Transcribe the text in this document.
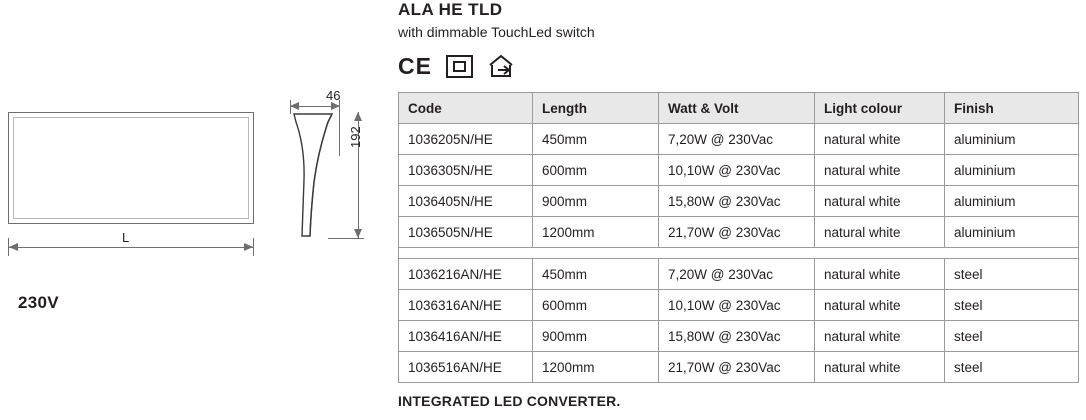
L
230V
46
192
ALA HE TLD
with dimmable TouchLed switch
CE
Code	Length	Watt & Volt	Light colour	Finish
1036205N/HE	450mm	7,20W @ 230Vac	natural white	aluminium
1036305N/HE	600mm	10,10W @ 230Vac	natural white	aluminium
1036405N/HE	900mm	15,80W @ 230Vac	natural white	aluminium
1036505N/HE	1200mm	21,70W @ 230Vac	natural white	aluminium

1036216AN/HE	450mm	7,20W @ 230Vac	natural white	steel
1036316AN/HE	600mm	10,10W @ 230Vac	natural white	steel
1036416AN/HE	900mm	15,80W @ 230Vac	natural white	steel
1036516AN/HE	1200mm	21,70W @ 230Vac	natural white	steel
INTEGRATED LED CONVERTER.
